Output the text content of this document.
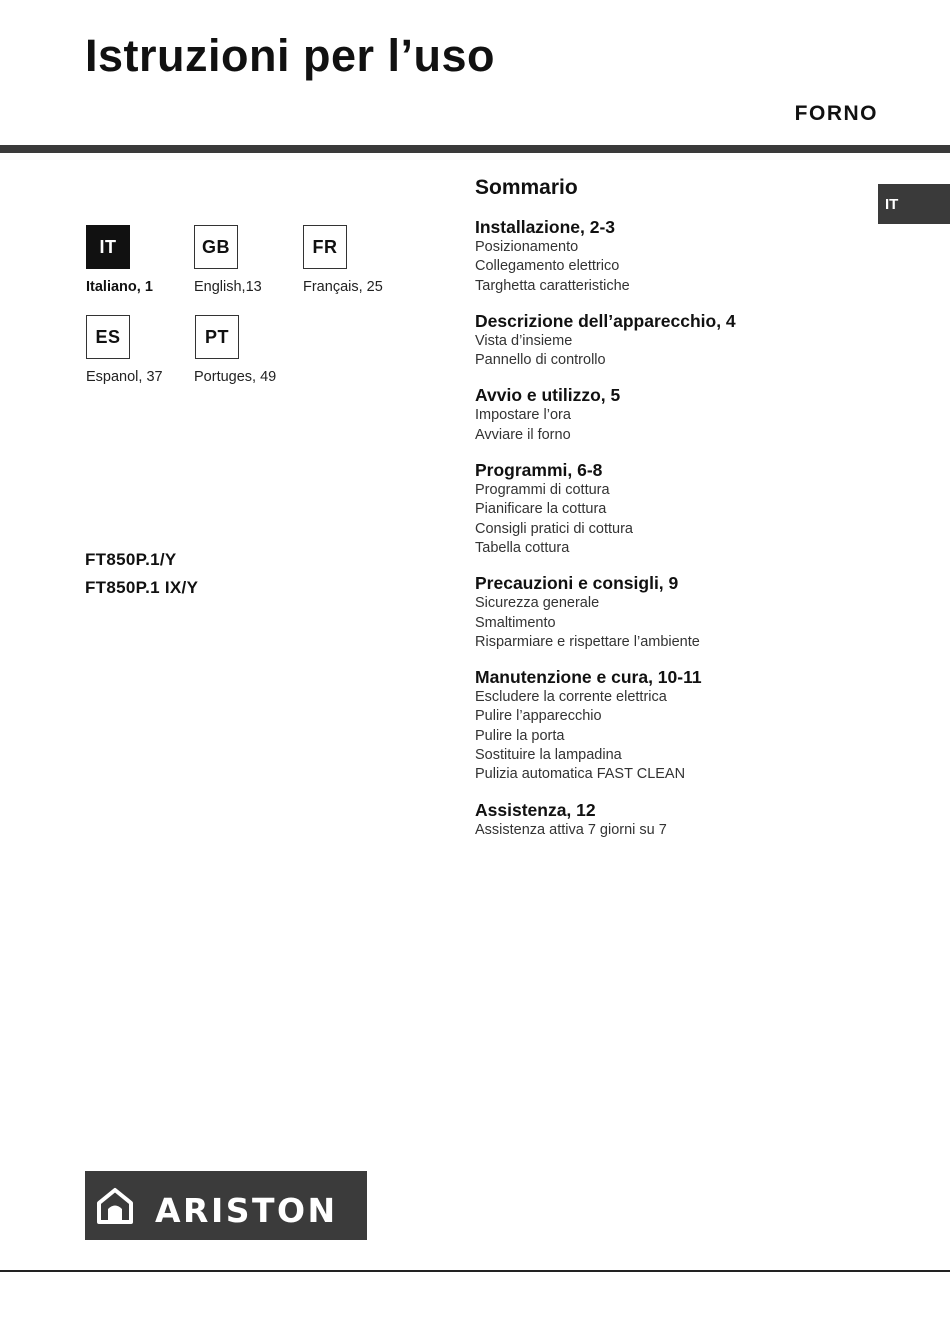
Istruzioni per l’uso
FORNO
IT
Italiano, 1
GB
English,13
FR
Français, 25
ES
Espanol, 37
PT
Portuges, 49
FT850P.1/Y
FT850P.1 IX/Y
Sommario
Installazione, 2-3
Posizionamento
Collegamento elettrico
Targhetta caratteristiche
Descrizione dell’apparecchio, 4
Vista d’insieme
Pannello di controllo
Avvio e utilizzo, 5
Impostare l’ora
Avviare il forno
Programmi, 6-8
Programmi di cottura
Pianificare la cottura
Consigli pratici di cottura
Tabella cottura
Precauzioni e consigli, 9
Sicurezza generale
Smaltimento
Risparmiare e rispettare l’ambiente
Manutenzione e cura, 10-11
Escludere la corrente elettrica
Pulire l’apparecchio
Pulire la porta
Sostituire la lampadina
Pulizia automatica FAST CLEAN
Assistenza, 12
Assistenza attiva 7 giorni su 7
IT
ARISTON
